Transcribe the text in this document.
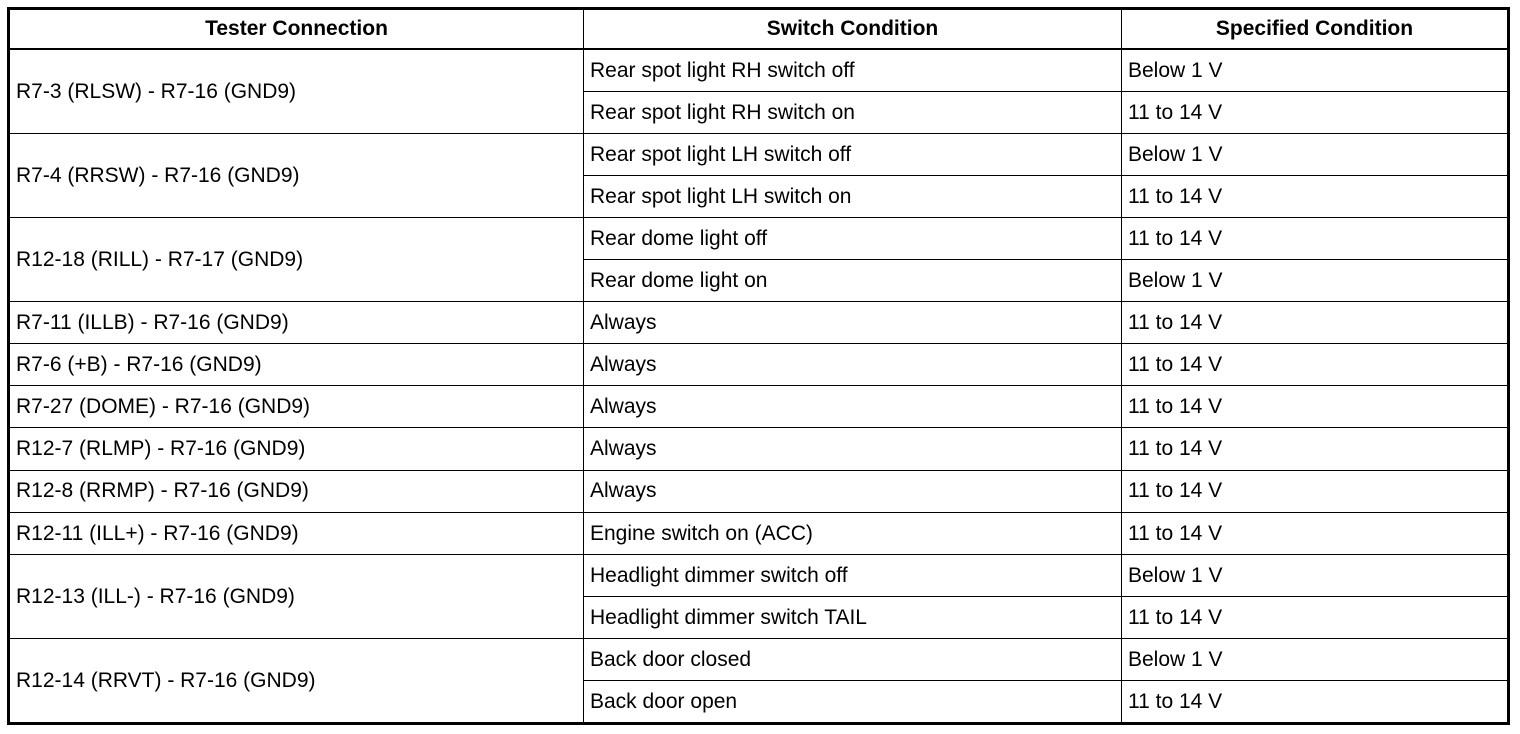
Tester Connection	Switch Condition	Specified Condition
R7-3 (RLSW) - R7-16 (GND9)	Rear spot light RH switch off	Below 1 V
	Rear spot light RH switch on	11 to 14 V
R7-4 (RRSW) - R7-16 (GND9)	Rear spot light LH switch off	Below 1 V
	Rear spot light LH switch on	11 to 14 V
R12-18 (RILL) - R7-17 (GND9)	Rear dome light off	11 to 14 V
	Rear dome light on	Below 1 V
R7-11 (ILLB) - R7-16 (GND9)	Always	11 to 14 V
R7-6 (+B) - R7-16 (GND9)	Always	11 to 14 V
R7-27 (DOME) - R7-16 (GND9)	Always	11 to 14 V
R12-7 (RLMP) - R7-16 (GND9)	Always	11 to 14 V
R12-8 (RRMP) - R7-16 (GND9)	Always	11 to 14 V
R12-11 (ILL+) - R7-16 (GND9)	Engine switch on (ACC)	11 to 14 V
R12-13 (ILL-) - R7-16 (GND9)	Headlight dimmer switch off	Below 1 V
	Headlight dimmer switch TAIL	11 to 14 V
R12-14 (RRVT) - R7-16 (GND9)	Back door closed	Below 1 V
	Back door open	11 to 14 V
